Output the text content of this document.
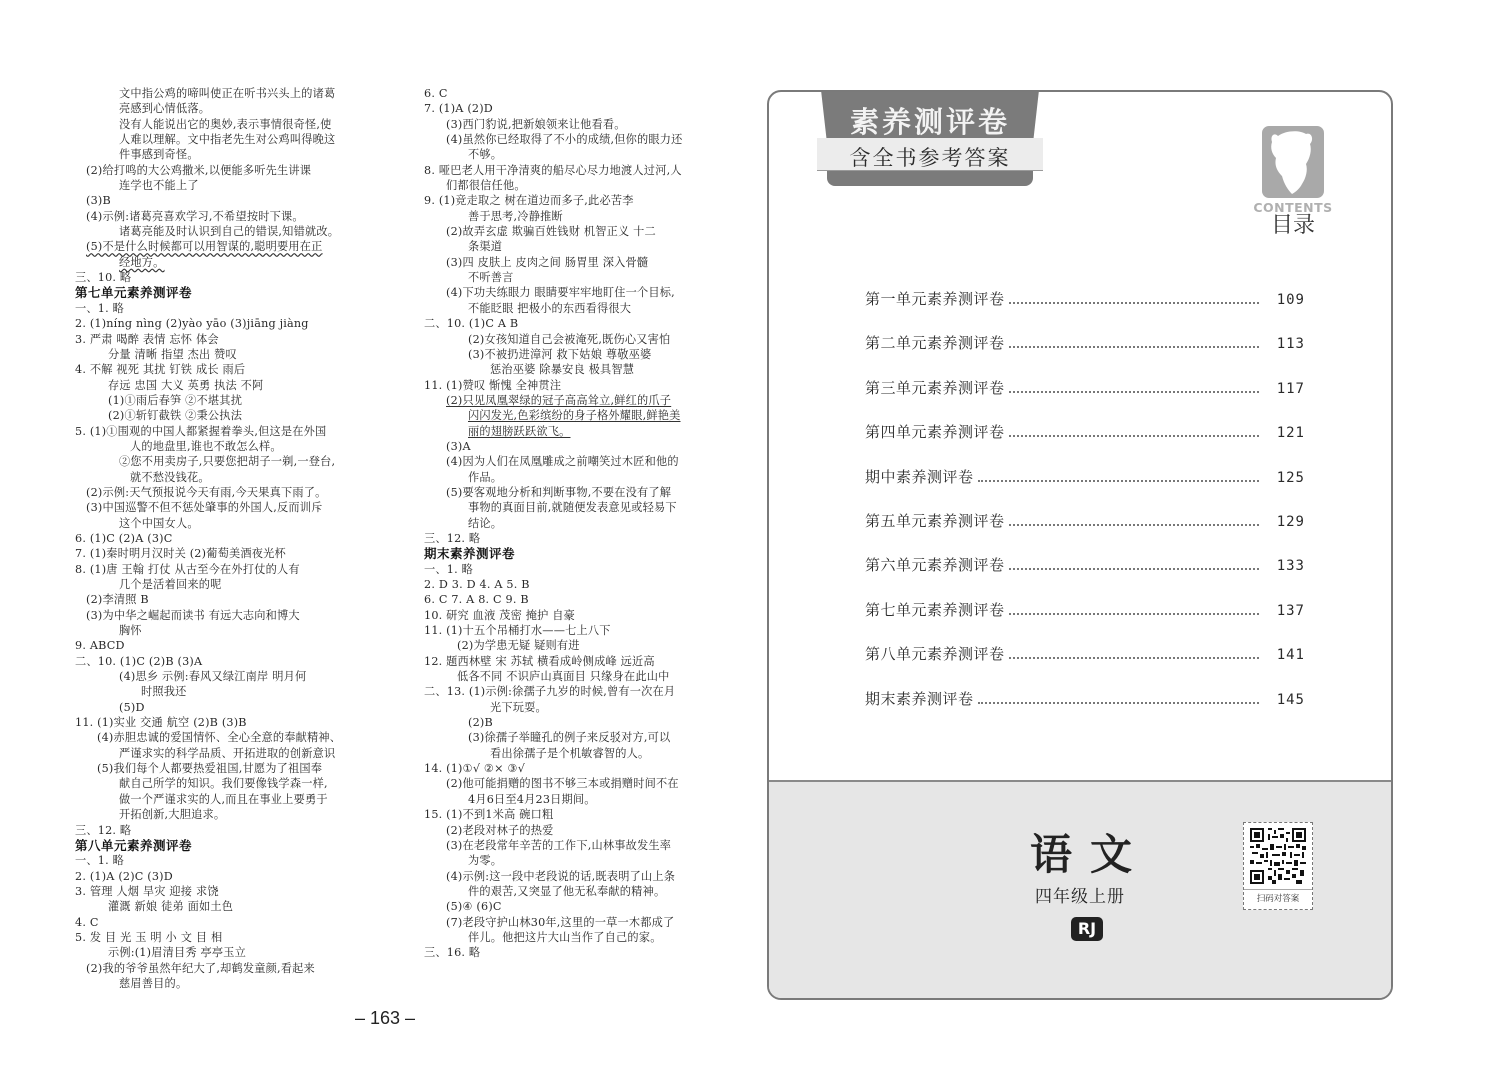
文中指公鸡的啼叫使正在听书兴头上的诸葛
亮感到心情低落。
没有人能说出它的奥妙,表示事情很奇怪,使
人难以理解。文中指老先生对公鸡叫得晚这
件事感到奇怪。
(2)给打鸣的大公鸡撒米,以便能多听先生讲课
连学也不能上了
(3)B
(4)示例:诸葛亮喜欢学习,不希望按时下课。
诸葛亮能及时认识到自己的错误,知错就改。
(5)不是什么时候都可以用智谋的,聪明要用在正
经地方。
三、10. 略
第七单元素养测评卷
一、1. 略
2. (1)níng nìng (2)yào yāo (3)jiāng jiàng
3. 严肃 喝醉 表情 忘怀 体会
分量 清晰 指望 杰出 赞叹
4. 不解 视死 其扰 钉铁 成长 雨后
存远 忠国 大义 英勇 执法 不阿
(1)①雨后春笋 ②不堪其扰
(2)①斩钉截铁 ②秉公执法
5. (1)①围观的中国人都紧握着拳头,但这是在外国
人的地盘里,谁也不敢怎么样。
②您不用卖房子,只要您把胡子一剃,一登台,
就不愁没钱花。
(2)示例:天气预报说今天有雨,今天果真下雨了。
(3)中国巡警不但不惩处肇事的外国人,反而训斥
这个中国女人。
6. (1)C (2)A (3)C
7. (1)秦时明月汉时关 (2)葡萄美酒夜光杯
8. (1)唐 王翰 打仗 从古至今在外打仗的人有
几个是活着回来的呢
(2)李清照 B
(3)为中华之崛起而读书 有远大志向和博大
胸怀
9. ABCD
二、10. (1)C (2)B (3)A
(4)思乡 示例:春风又绿江南岸 明月何
时照我还
(5)D
11. (1)实业 交通 航空 (2)B (3)B
(4)赤胆忠诚的爱国情怀、全心全意的奉献精神、
严谨求实的科学品质、开拓进取的创新意识
(5)我们每个人都要热爱祖国,甘愿为了祖国奉
献自己所学的知识。我们要像钱学森一样,
做一个严谨求实的人,而且在事业上要勇于
开拓创新,大胆追求。
三、12. 略
第八单元素养测评卷
一、1. 略
2. (1)A (2)C (3)D
3. 管理 人烟 旱灾 迎接 求饶
灌溉 新娘 徒弟 面如土色
4. C
5. 发 目 光 玉 明 小 文 目 相
示例:(1)眉清目秀 亭亭玉立
(2)我的爷爷虽然年纪大了,却鹤发童颜,看起来
慈眉善目的。
6. C
7. (1)A (2)D
(3)西门豹说,把新娘领来让他看看。
(4)虽然你已经取得了不小的成绩,但你的眼力还
不够。
8. 哑巴老人用干净清爽的船尽心尽力地渡人过河,人
们都很信任他。
9. (1)竞走取之 树在道边而多子,此必苦李
善于思考,冷静推断
(2)故弄玄虚 欺骗百姓钱财 机智正义 十二
条渠道
(3)四 皮肤上 皮肉之间 肠胃里 深入骨髓
不听善言
(4)下功夫练眼力 眼睛要牢牢地盯住一个目标,
不能眨眼 把极小的东西看得很大
二、10. (1)C A B
(2)女孩知道自己会被淹死,既伤心又害怕
(3)不被扔进漳河 救下姑娘 尊敬巫婆
惩治巫婆 除暴安良 极具智慧
11. (1)赞叹 惭愧 全神贯注
(2)只见凤凰翠绿的冠子高高耸立,鲜红的爪子
闪闪发光,色彩缤纷的身子格外耀眼,鲜艳美
丽的翅膀跃跃欲飞。
(3)A
(4)因为人们在凤凰雕成之前嘲笑过木匠和他的
作品。
(5)要客观地分析和判断事物,不要在没有了解
事物的真面目前,就随便发表意见或轻易下
结论。
三、12. 略
期末素养测评卷
一、1. 略
2. D 3. D 4. A 5. B
6. C 7. A 8. C 9. B
10. 研究 血液 茂密 掩护 自豪
11. (1)十五个吊桶打水——七上八下
(2)为学患无疑 疑则有进
12. 题西林壁 宋 苏轼 横看成岭侧成峰 远近高
低各不同 不识庐山真面目 只缘身在此山中
二、13. (1)示例:徐孺子九岁的时候,曾有一次在月
光下玩耍。
(2)B
(3)徐孺子举瞳孔的例子来反驳对方,可以
看出徐孺子是个机敏睿智的人。
14. (1)①√ ②× ③√
(2)他可能捐赠的图书不够三本或捐赠时间不在
4月6日至4月23日期间。
15. (1)不到1米高 碗口粗
(2)老段对林子的热爱
(3)在老段常年辛苦的工作下,山林事故发生率
为零。
(4)示例:这一段中老段说的话,既表明了山上条
件的艰苦,又突显了他无私奉献的精神。
(5)④ (6)C
(7)老段守护山林30年,这里的一草一木都成了
伴儿。他把这片大山当作了自己的家。
三、16. 略
– 163 –
素养测评卷
含全书参考答案
CONTENTS
目录
第一单元素养测评卷	109
第二单元素养测评卷	113
第三单元素养测评卷	117
第四单元素养测评卷	121
期中素养测评卷	125
第五单元素养测评卷	129
第六单元素养测评卷	133
第七单元素养测评卷	137
第八单元素养测评卷	141
期末素养测评卷	145
语文
四年级上册
RJ
扫码对答案
